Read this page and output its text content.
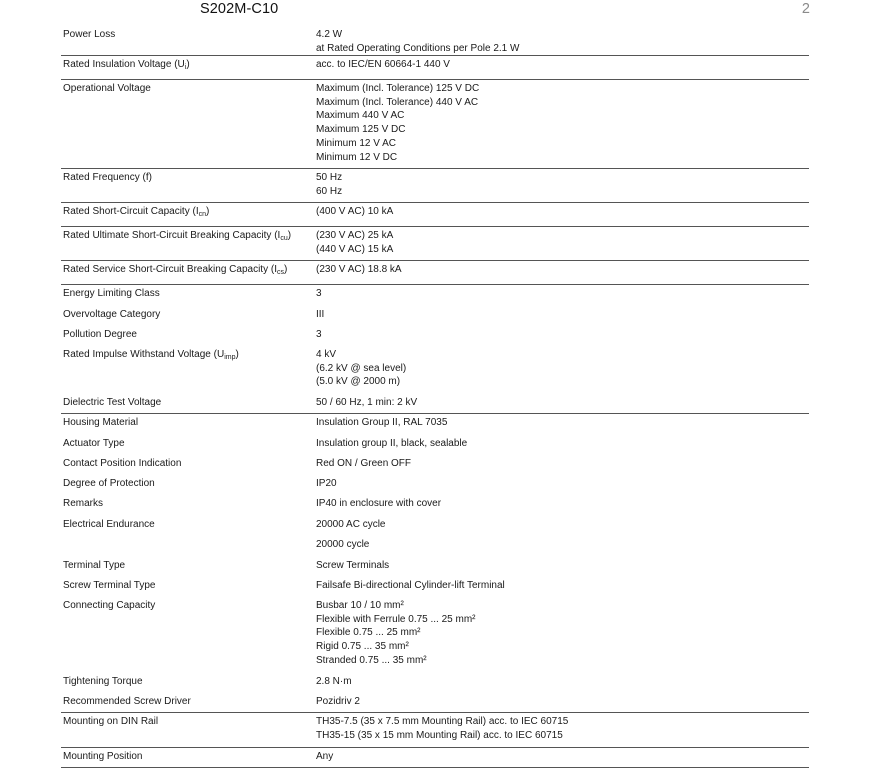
S202M-C10	2
Power Loss	4.2 W
at Rated Operating Conditions per Pole 2.1 W
Rated Insulation Voltage $(U_i)$	acc. to IEC/EN 60664-1 440 V
Operational Voltage	Maximum (Incl. Tolerance) 125 V DC
Maximum (Incl. Tolerance) 440 V AC
Maximum 440 V AC
Maximum 125 V DC
Minimum 12 V AC
Minimum 12 V DC
Rated Frequency (f)	50 Hz
60 Hz
Rated Short-Circuit Capacity $(I_{cn})$	(400 V AC) 10 kA
Rated Ultimate Short-Circuit Breaking Capacity $(I_{cu})$	(230 V AC) 25 kA
(440 V AC) 15 kA
Rated Service Short-Circuit Breaking Capacity $(I_{cs})$	(230 V AC) 18.8 kA
Energy Limiting Class	3
Overvoltage Category	III
Pollution Degree	3
Rated Impulse Withstand Voltage $(U_{imp})$	4 kV
(6.2 kV @ sea level)
(5.0 kV @ 2000 m)
Dielectric Test Voltage	50 / 60 Hz, 1 min: 2 kV
Housing Material	Insulation Group II, RAL 7035
Actuator Type	Insulation group II, black, sealable
Contact Position Indication	Red ON / Green OFF
Degree of Protection	IP20
Remarks	IP40 in enclosure with cover
Electrical Endurance	20000 AC cycle
20000 cycle
Terminal Type	Screw Terminals
Screw Terminal Type	Failsafe Bi-directional Cylinder-lift Terminal
Connecting Capacity	Busbar 10 / 10 mm²
Flexible with Ferrule 0.75 ... 25 mm²
Flexible 0.75 ... 25 mm²
Rigid 0.75 ... 35 mm²
Stranded 0.75 ... 35 mm²
Tightening Torque	2.8 N·m
Recommended Screw Driver	Pozidriv 2
Mounting on DIN Rail	TH35-7.5 (35 x 7.5 mm Mounting Rail) acc. to IEC 60715
TH35-15 (35 x 15 mm Mounting Rail) acc. to IEC 60715
Mounting Position	Any
